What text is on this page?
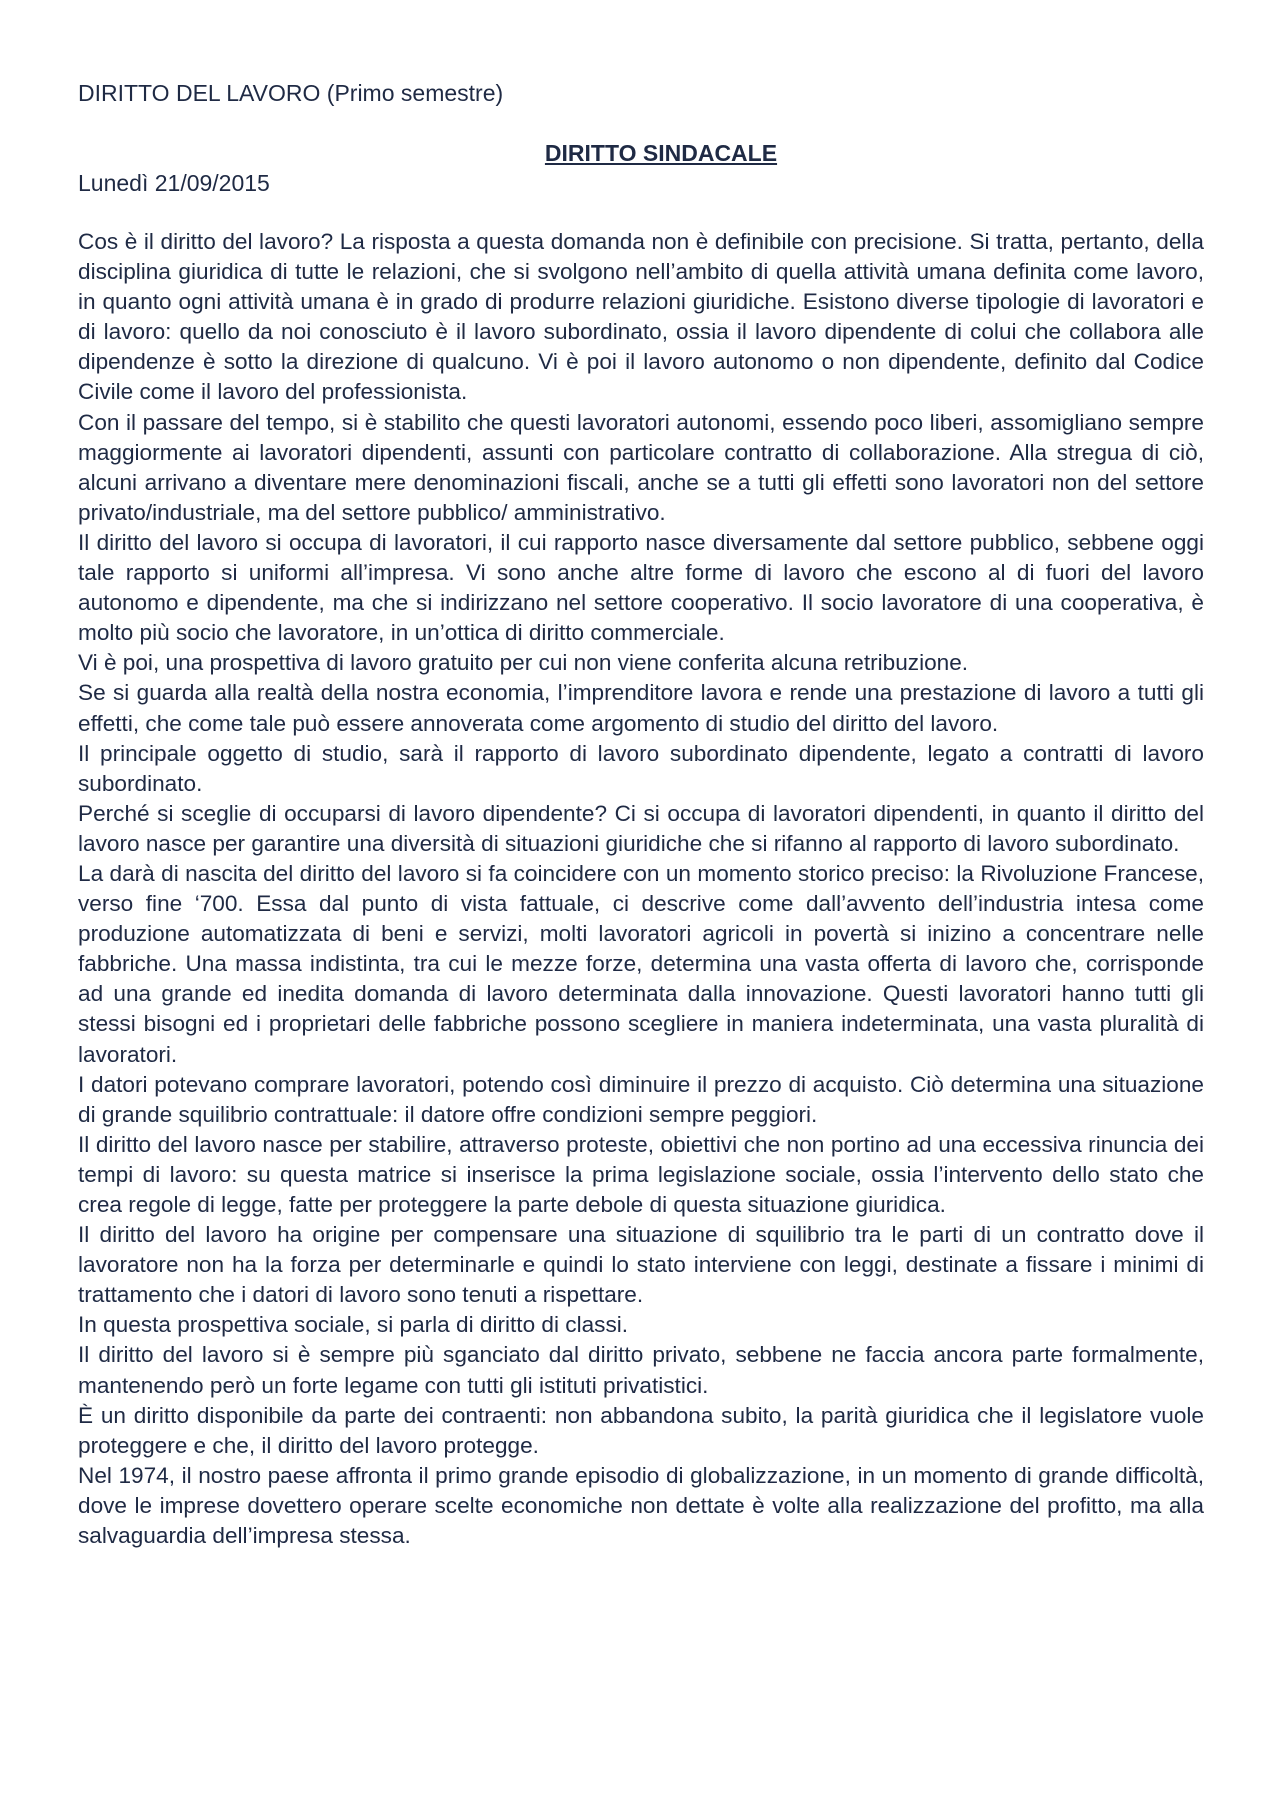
DIRITTO DEL LAVORO (Primo semestre)
DIRITTO SINDACALE
Lunedì 21/09/2015

Cos è il diritto del lavoro? La risposta a questa domanda non è definibile con precisione. Si tratta, pertanto, della disciplina giuridica di tutte le relazioni, che si svolgono nell’ambito di quella attività umana definita come lavoro, in quanto ogni attività umana è in grado di produrre relazioni giuridiche. Esistono diverse tipologie di lavoratori e di lavoro: quello da noi conosciuto è il lavoro subordinato, ossia il lavoro dipendente di colui che collabora alle dipendenze è sotto la direzione di qualcuno. Vi è poi il lavoro autonomo o non dipendente, definito dal Codice Civile come il lavoro del professionista.

Con il passare del tempo, si è stabilito che questi lavoratori autonomi, essendo poco liberi, assomigliano sempre maggiormente ai lavoratori dipendenti, assunti con particolare contratto di collaborazione. Alla stregua di ciò, alcuni arrivano a diventare mere denominazioni fiscali, anche se a tutti gli effetti sono lavoratori non del settore privato/industriale, ma del settore pubblico/ amministrativo.

Il diritto del lavoro si occupa di lavoratori, il cui rapporto nasce diversamente dal settore pubblico, sebbene oggi tale rapporto si uniformi all’impresa. Vi sono anche altre forme di lavoro che escono al di fuori del lavoro autonomo e dipendente, ma che si indirizzano nel settore cooperativo. Il socio lavoratore di una cooperativa, è molto più socio che lavoratore, in un’ottica di diritto commerciale.

Vi è poi, una prospettiva di lavoro gratuito per cui non viene conferita alcuna retribuzione.

Se si guarda alla realtà della nostra economia, l’imprenditore lavora e rende una prestazione di lavoro a tutti gli effetti, che come tale può essere annoverata come argomento di studio del diritto del lavoro.

Il principale oggetto di studio, sarà il rapporto di lavoro subordinato dipendente, legato a contratti di lavoro subordinato.

Perché si sceglie di occuparsi di lavoro dipendente? Ci si occupa di lavoratori dipendenti, in quanto il diritto del lavoro nasce per garantire una diversità di situazioni giuridiche che si rifanno al rapporto di lavoro subordinato.

La darà di nascita del diritto del lavoro si fa coincidere con un momento storico preciso: la Rivoluzione Francese, verso fine ‘700. Essa dal punto di vista fattuale, ci descrive come dall’avvento dell’industria intesa come produzione automatizzata di beni e servizi, molti lavoratori agricoli in povertà si inizino a concentrare nelle fabbriche. Una massa indistinta, tra cui le mezze forze, determina una vasta offerta di lavoro che, corrisponde ad una grande ed inedita domanda di lavoro determinata dalla innovazione. Questi lavoratori hanno tutti gli stessi bisogni ed i proprietari delle fabbriche possono scegliere in maniera indeterminata, una vasta pluralità di lavoratori.

I datori potevano comprare lavoratori, potendo così diminuire il prezzo di acquisto. Ciò determina una situazione di grande squilibrio contrattuale: il datore offre condizioni sempre peggiori.

Il diritto del lavoro nasce per stabilire, attraverso proteste, obiettivi che non portino ad una eccessiva rinuncia dei tempi di lavoro: su questa matrice si inserisce la prima legislazione sociale, ossia l’intervento dello stato che crea regole di legge, fatte per proteggere la parte debole di questa situazione giuridica.

Il diritto del lavoro ha origine per compensare una situazione di squilibrio tra le parti di un contratto dove il lavoratore non ha la forza per determinarle e quindi lo stato interviene con leggi, destinate a fissare i minimi di trattamento che i datori di lavoro sono tenuti a rispettare.

In questa prospettiva sociale, si parla di diritto di classi.

Il diritto del lavoro si è sempre più sganciato dal diritto privato, sebbene ne faccia ancora parte formalmente, mantenendo però un forte legame con tutti gli istituti privatistici.

È un diritto disponibile da parte dei contraenti: non abbandona subito, la parità giuridica che il legislatore vuole proteggere e che, il diritto del lavoro protegge.

Nel 1974, il nostro paese affronta il primo grande episodio di globalizzazione, in un momento di grande difficoltà, dove le imprese dovettero operare scelte economiche non dettate è volte alla realizzazione del profitto, ma alla salvaguardia dell’impresa stessa.
